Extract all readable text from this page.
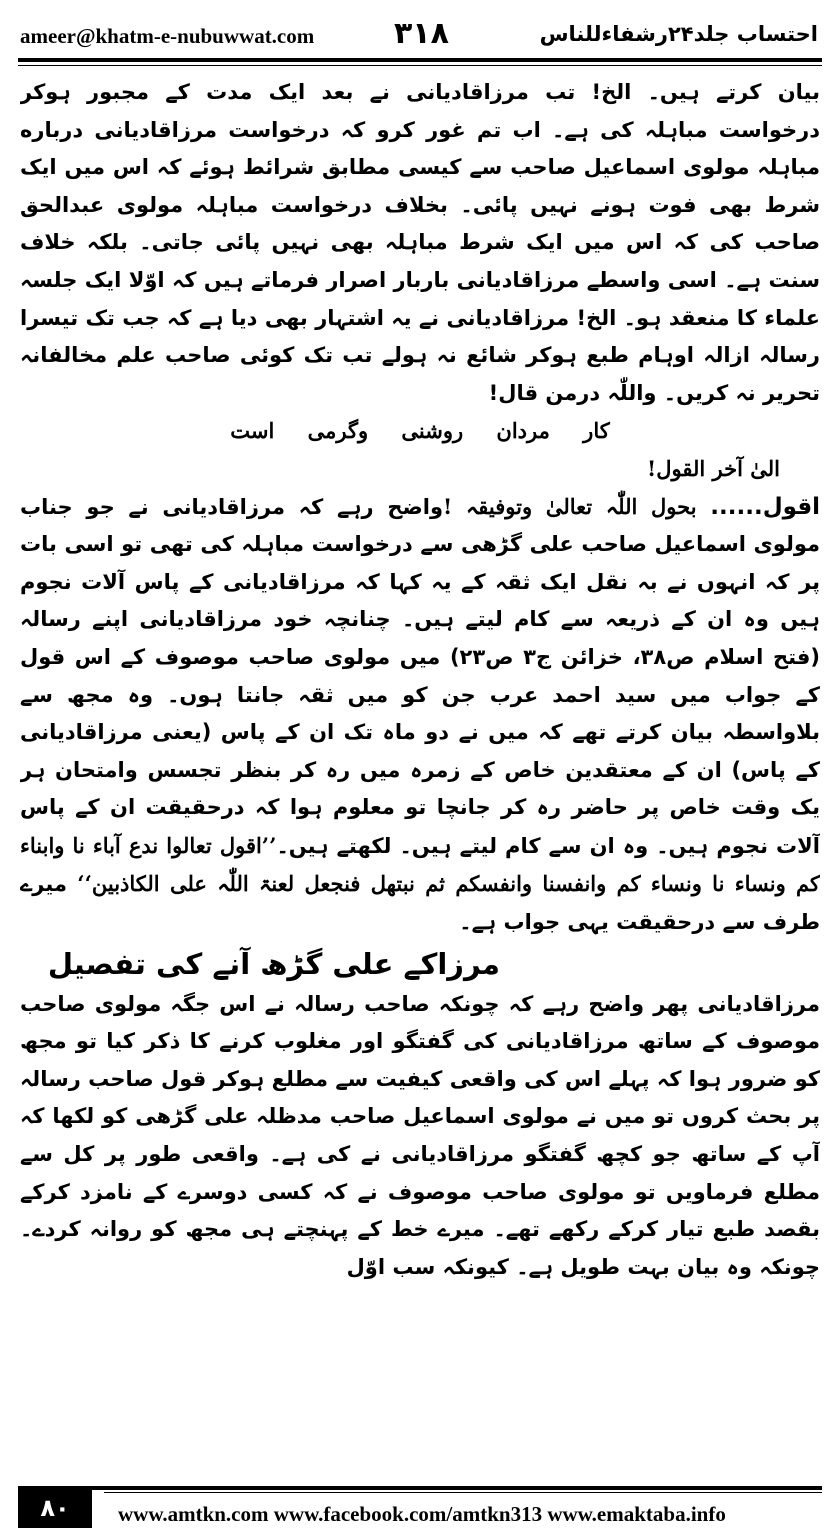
ameer@khatm-e-nubuwwat.com	۳۱۸	احتساب جلد۲۴رشفاءللناس

بیان کرتے ہیں۔ الخ! تب مرزاقادیانی نے بعد ایک مدت کے مجبور ہوکر درخواست مباہلہ کی ہے۔ اب تم غور کرو کہ درخواست مرزاقادیانی درباره مباہلہ مولوی اسماعیل صاحب سے کیسی مطابق شرائط ہوئے کہ اس میں ایک شرط بھی فوت ہونے نہیں پائی۔ بخلاف درخواست مباہلہ مولوی عبدالحق صاحب کی کہ اس میں ایک شرط مباہلہ بھی نہیں پائی جاتی۔ بلکہ خلاف سنت ہے۔ اسی واسطے مرزاقادیانی باربار اصرار فرماتے ہیں کہ اوّلا ایک جلسہ علماء کا منعقد ہو۔ الخ! مرزاقادیانی نے یہ اشتہار بھی دیا ہے کہ جب تک تیسرا رسالہ ازالہ اوہام طبع ہوکر شائع نہ ہولے تب تک کوئی صاحب علم مخالفانہ تحریر نہ کریں۔ واللّٰہ درمن قال!

کار مردان روشنی وگرمی است

الیٰ آخر القول!

اقول...... بحول اللّٰہ تعالیٰ وتوفیقہ !واضح رہے کہ مرزاقادیانی نے جو جناب مولوی اسماعیل صاحب علی گڑھی سے درخواست مباہلہ کی تھی تو اسی بات پر کہ انہوں نے بہ نقل ایک ثقہ کے یہ کہا کہ مرزاقادیانی کے پاس آلات نجوم ہیں وہ ان کے ذریعہ سے کام لیتے ہیں۔ چنانچہ خود مرزاقادیانی اپنے رسالہ (فتح اسلام ص۳۸، خزائن ج۳ ص۲۳) میں مولوی صاحب موصوف کے اس قول کے جواب میں سید احمد عرب جن کو میں ثقہ جانتا ہوں۔ وہ مجھ سے بلاواسطہ بیان کرتے تھے کہ میں نے دو ماہ تک ان کے پاس (یعنی مرزاقادیانی کے پاس) ان کے معتقدین خاص کے زمرہ میں رہ کر بنظر تجسس وامتحان ہر یک وقت خاص پر حاضر رہ کر جانچا تو معلوم ہوا کہ درحقیقت ان کے پاس آلات نجوم ہیں۔ وہ ان سے کام لیتے ہیں۔ لکھتے ہیں۔’’اقول تعالوا ندع آباء نا وابناء کم ونساء نا ونساء کم وانفسنا وانفسکم ثم نبتھل فنجعل لعنۃ اللّٰہ علی الکاذبین‘‘ میرے طرف سے درحقیقت یہی جواب ہے۔

مرزاکے علی گڑھ آنے کی تفصیل

مرزاقادیانی پھر واضح رہے کہ چونکہ صاحب رسالہ نے اس جگہ مولوی صاحب موصوف کے ساتھ مرزاقادیانی کی گفتگو اور مغلوب کرنے کا ذکر کیا تو مجھ کو ضرور ہوا کہ پہلے اس کی واقعی کیفیت سے مطلع ہوکر قول صاحب رسالہ پر بحث کروں تو میں نے مولوی اسماعیل صاحب مدظلہ علی گڑھی کو لکھا کہ آپ کے ساتھ جو کچھ گفتگو مرزاقادیانی نے کی ہے۔ واقعی طور پر کل سے مطلع فرماویں تو مولوی صاحب موصوف نے کہ کسی دوسرے کے نامزد کرکے بقصد طبع تیار کرکے رکھے تھے۔ میرے خط کے پہنچتے ہی مجھ کو روانہ کردے۔ چونکہ وہ بیان بہت طویل ہے۔ کیونکہ سب اوّل

۸۰	www.amtkn.com www.facebook.com/amtkn313 www.emaktaba.info
